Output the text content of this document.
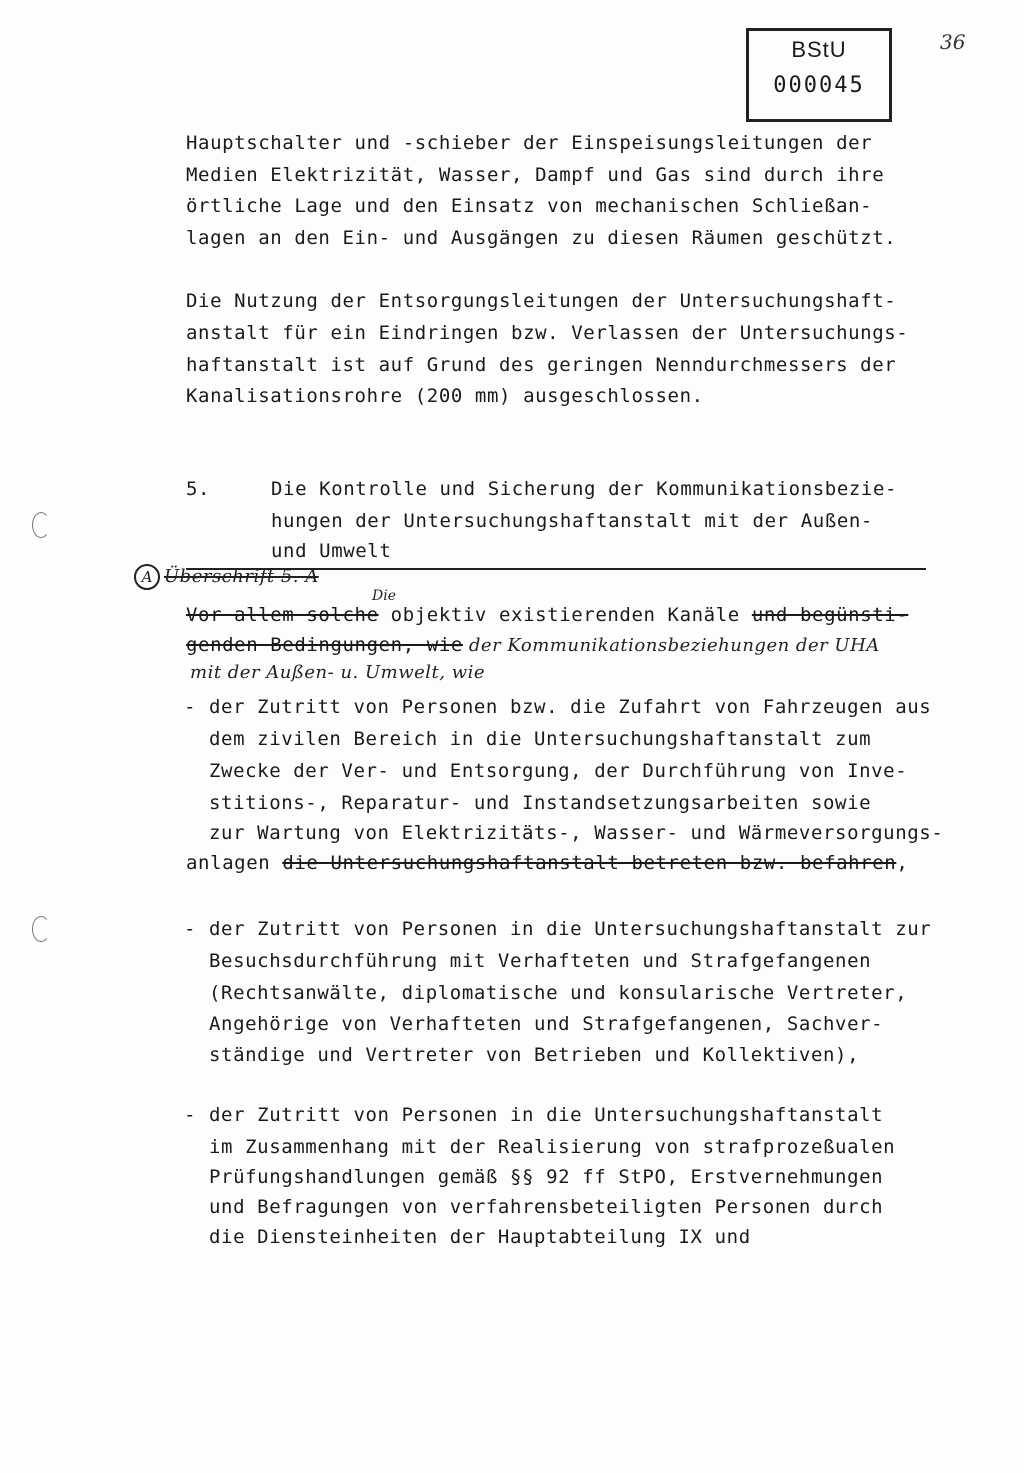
BStU
000045
36
Hauptschalter und -schieber der Einspeisungsleitungen der
Medien Elektrizität, Wasser, Dampf und Gas sind durch ihre
örtliche Lage und den Einsatz von mechanischen Schließan-
lagen an den Ein- und Ausgängen zu diesen Räumen geschützt.
Die Nutzung der Entsorgungsleitungen der Untersuchungshaft-
anstalt für ein Eindringen bzw. Verlassen der Untersuchungs-
haftanstalt ist auf Grund des geringen Nenndurchmessers der
Kanalisationsrohre (200 mm) ausgeschlossen.
5.	Die Kontrolle und Sicherung der Kommunikationsbezie-
hungen der Untersuchungshaftanstalt mit der Außen-
und Umwelt
A Überschrift 5. A
Die
Vor allem solche objektiv existierenden Kanäle und begünsti-
genden Bedingungen, wie der Kommunikationsbeziehungen der UHA
mit der Außen- u. Umwelt, wie
- der Zutritt von Personen bzw. die Zufahrt von Fahrzeugen aus
dem zivilen Bereich in die Untersuchungshaftanstalt zum
Zwecke der Ver- und Entsorgung, der Durchführung von Inve-
stitions-, Reparatur- und Instandsetzungsarbeiten sowie
zur Wartung von Elektrizitäts-, Wasser- und Wärmeversorgungs-
anlagen die Untersuchungshaftanstalt betreten bzw. befahren,
- der Zutritt von Personen in die Untersuchungshaftanstalt zur
Besuchsdurchführung mit Verhafteten und Strafgefangenen
(Rechtsanwälte, diplomatische und konsularische Vertreter,
Angehörige von Verhafteten und Strafgefangenen, Sachver-
ständige und Vertreter von Betrieben und Kollektiven),
- der Zutritt von Personen in die Untersuchungshaftanstalt
im Zusammenhang mit der Realisierung von strafprozeßualen
Prüfungshandlungen gemäß §§ 92 ff StPO, Erstvernehmungen
und Befragungen von verfahrensbeteiligten Personen durch
die Diensteinheiten der Hauptabteilung IX und
